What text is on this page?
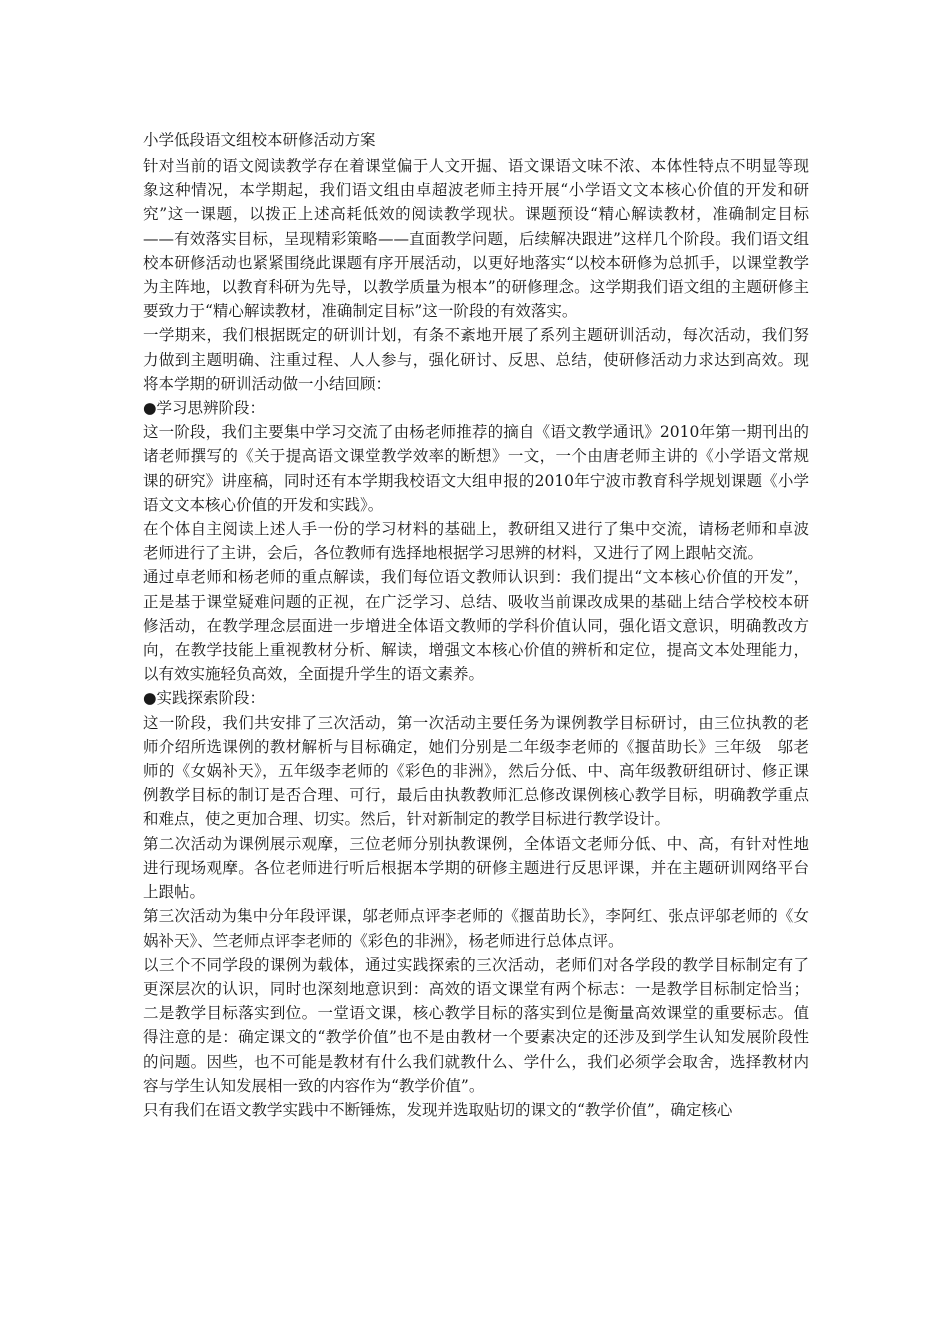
小学低段语文组校本研修活动方案

针对当前的语文阅读教学存在着课堂偏于人文开掘、语文课语文味不浓、本体性特点不明显等现象这种情况，本学期起，我们语文组由卓超波老师主持开展“小学语文文本核心价值的开发和研究”这一课题，以拨正上述高耗低效的阅读教学现状。课题预设“精心解读教材，准确制定目标——有效落实目标，呈现精彩策略——直面教学问题，后续解决跟进”这样几个阶段。我们语文组校本研修活动也紧紧围绕此课题有序开展活动，以更好地落实“以校本研修为总抓手，以课堂教学为主阵地，以教育科研为先导，以教学质量为根本”的研修理念。这学期我们语文组的主题研修主要致力于“精心解读教材，准确制定目标”这一阶段的有效落实。

一学期来，我们根据既定的研训计划，有条不紊地开展了系列主题研训活动，每次活动，我们努力做到主题明确、注重过程、人人参与，强化研讨、反思、总结，使研修活动力求达到高效。现将本学期的研训活动做一小结回顾：

●学习思辨阶段：

这一阶段，我们主要集中学习交流了由杨老师推荐的摘自《语文教学通讯》2010年第一期刊出的诸老师撰写的《关于提高语文课堂教学效率的断想》一文，一个由唐老师主讲的《小学语文常规课的研究》讲座稿，同时还有本学期我校语文大组申报的2010年宁波市教育科学规划课题《小学语文文本核心价值的开发和实践》。

在个体自主阅读上述人手一份的学习材料的基础上，教研组又进行了集中交流，请杨老师和卓波老师进行了主讲，会后，各位教师有选择地根据学习思辨的材料，又进行了网上跟帖交流。

通过卓老师和杨老师的重点解读，我们每位语文教师认识到：我们提出“文本核心价值的开发”，正是基于课堂疑难问题的正视，在广泛学习、总结、吸收当前课改成果的基础上结合学校校本研修活动，在教学理念层面进一步增进全体语文教师的学科价值认同，强化语文意识，明确教改方向，在教学技能上重视教材分析、解读，增强文本核心价值的辨析和定位，提高文本处理能力，以有效实施轻负高效，全面提升学生的语文素养。

●实践探索阶段：

这一阶段，我们共安排了三次活动，第一次活动主要任务为课例教学目标研讨，由三位执教的老师介绍所选课例的教材解析与目标确定，她们分别是二年级李老师的《揠苗助长》三年级　邬老师的《女娲补天》，五年级李老师的《彩色的非洲》，然后分低、中、高年级教研组研讨、修正课例教学目标的制订是否合理、可行，最后由执教教师汇总修改课例核心教学目标，明确教学重点和难点，使之更加合理、切实。然后，针对新制定的教学目标进行教学设计。

第二次活动为课例展示观摩，三位老师分别执教课例，全体语文老师分低、中、高，有针对性地进行现场观摩。各位老师进行听后根据本学期的研修主题进行反思评课，并在主题研训网络平台上跟帖。

第三次活动为集中分年段评课，邬老师点评李老师的《揠苗助长》，李阿红、张点评邬老师的《女娲补天》、竺老师点评李老师的《彩色的非洲》，杨老师进行总体点评。

以三个不同学段的课例为载体，通过实践探索的三次活动，老师们对各学段的教学目标制定有了更深层次的认识，同时也深刻地意识到：高效的语文课堂有两个标志：一是教学目标制定恰当；二是教学目标落实到位。一堂语文课，核心教学目标的落实到位是衡量高效课堂的重要标志。值得注意的是：确定课文的“教学价值”也不是由教材一个要素决定的还涉及到学生认知发展阶段性的问题。因些，也不可能是教材有什么我们就教什么、学什么，我们必须学会取舍，选择教材内容与学生认知发展相一致的内容作为“教学价值”。

只有我们在语文教学实践中不断锤炼，发现并选取贴切的课文的“教学价值”，确定核心
